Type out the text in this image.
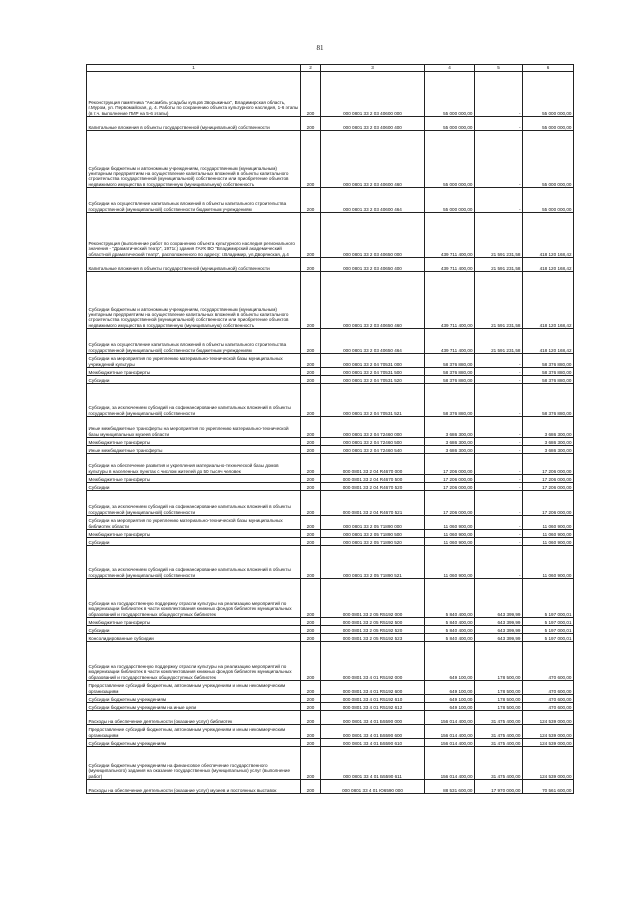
81
1	2	3	4	5	6
Реконструкция памятника "Ансамбль усадьбы купцов Зворыкиных", Владимирская область, г.Муром, ул. Первомайская, д. 4. Работы по сохранению объекта культурного наследия, 1-6 этапы (в т.ч. выполнение ПИР на 5-6 этапы)	200	000 0801 33 2 03 40600 000	55 000 000,00	-	55 000 000,00
Капитальные вложения в объекты государственной (муниципальной) собственности	200	000 0801 33 2 03 40600 400	55 000 000,00	-	55 000 000,00
Субсидии бюджетным и автономным учреждениям, государственным (муниципальным) унитарным предприятиям на осуществление капитальных вложений в объекты капитального строительства государственной (муниципальной) собственности или приобретение объектов недвижимого имущества в государственную (муниципальную) собственность	200	000 0801 33 2 03 40600 460	55 000 000,00	-	55 000 000,00
Субсидии на осуществление капитальных вложений в объекты капитального строительства государственной (муниципальной) собственности бюджетным учреждениям	200	000 0801 33 2 03 40600 464	55 000 000,00	-	55 000 000,00
Реконструкция (выполнение работ по сохранению объекта культурного наследия регионального значения - "Драматический театр", 1971г.) здания ГАУК ВО "Владимирский академический областной драматический театр", расположенного по адресу: г.Владимир, ул.Дворянская, д.4	200	000 0801 33 2 03 40650 000	439 711 400,00	21 591 231,58	418 120 168,42
Капитальные вложения в объекты государственной (муниципальной) собственности	200	000 0801 33 2 03 40650 400	439 711 400,00	21 591 231,58	418 120 168,42
Субсидии бюджетным и автономным учреждениям, государственным (муниципальным) унитарным предприятиям на осуществление капитальных вложений в объекты капитального строительства государственной (муниципальной) собственности или приобретение объектов недвижимого имущества в государственную (муниципальную) собственность	200	000 0801 33 2 03 40650 460	439 711 400,00	21 591 231,58	418 120 168,42
Субсидии на осуществление капитальных вложений в объекты капитального строительства государственной (муниципальной) собственности бюджетным учреждениям	200	000 0801 33 2 03 40650 464	439 711 400,00	21 591 231,58	418 120 168,42
Субсидии на мероприятия по укреплению материально-технической базы муниципальных учреждений культуры	200	000 0801 33 2 04 70531 000	58 376 880,00	-	58 376 880,00
Межбюджетные трансферты	200	000 0801 33 2 04 70531 500	58 376 880,00	-	58 376 880,00
Субсидии	200	000 0801 33 2 04 70531 520	58 376 880,00	-	58 376 880,00
Субсидии, за исключением субсидий на софинансирование капитальных вложений в объекты государственной (муниципальной) собственности	200	000 0801 33 2 04 70531 521	58 376 880,00	-	58 376 880,00
Иные межбюджетные трансферты на мероприятия по укреплению материально-технической базы муниципальных музеев области	200	000 0801 33 2 04 72460 000	3 686 300,00	-	3 686 300,00
Межбюджетные трансферты	200	000 0801 33 2 04 72460 500	3 686 300,00	-	3 686 300,00
Иные межбюджетные трансферты	200	000 0801 33 2 04 72460 540	3 686 300,00	-	3 686 300,00
Субсидии на обеспечение развития и укрепления материально-технической базы домов культуры в населенных пунктах с числом жителей до 50 тысяч человек	200	000 0801 33 2 04 R4670 000	17 206 000,00	-	17 206 000,00
Межбюджетные трансферты	200	000 0801 33 2 04 R4670 500	17 206 000,00	-	17 206 000,00
Субсидии	200	000 0801 33 2 04 R4670 520	17 206 000,00	-	17 206 000,00
Субсидии, за исключением субсидий на софинансирование капитальных вложений в объекты государственной (муниципальной) собственности	200	000 0801 33 2 04 R4670 521	17 206 000,00	-	17 206 000,00
Субсидии на мероприятия по укреплению материально-технической базы муниципальных библиотек области	200	000 0801 33 2 05 71890 000	11 060 900,00	-	11 060 900,00
Межбюджетные трансферты	200	000 0801 33 2 05 71890 500	11 060 900,00	-	11 060 900,00
Субсидии	200	000 0801 33 2 05 71890 520	11 060 900,00	-	11 060 900,00
Субсидии, за исключением субсидий на софинансирование капитальных вложений в объекты государственной (муниципальной) собственности	200	000 0801 33 2 05 71890 521	11 060 900,00	-	11 060 900,00
Субсидии на государственную поддержку отрасли культуры на реализацию мероприятий по модернизации библиотек в части комплектования книжных фондов библиотек муниципальных образований и государственных общедоступных библиотек	200	000 0801 33 2 05 R5192 000	5 840 400,00	643 399,99	5 197 000,01
Межбюджетные трансферты	200	000 0801 33 2 05 R5192 500	5 840 400,00	643 399,99	5 197 000,01
Субсидии	200	000 0801 33 2 05 R5192 520	5 840 400,00	643 399,99	5 197 000,01
Консолидированные субсидии	200	000 0801 33 2 05 R5192 523	5 840 400,00	643 399,99	5 197 000,01
Субсидии на государственную поддержку отрасли культуры на реализацию мероприятий по модернизации библиотек в части комплектования книжных фондов библиотек муниципальных образований и государственных общедоступных библиотек	200	000 0801 33 4 01 R5192 000	649 100,00	178 500,00	470 600,00
Предоставление субсидий бюджетным, автономным учреждениям и иным некоммерческим организациям	200	000 0801 33 4 01 R5192 600	649 100,00	178 500,00	470 600,00
Субсидии бюджетным учреждениям	200	000 0801 33 4 01 R5192 610	649 100,00	178 500,00	470 600,00
Субсидии бюджетным учреждениям на иные цели	200	000 0801 33 4 01 R5192 612	649 100,00	178 500,00	470 600,00
Расходы на обеспечение деятельности (оказание услуг) библиотек	200	000 0801 33 4 01 Б5590 000	156 014 400,00	31 475 400,00	124 539 000,00
Предоставление субсидий бюджетным, автономным учреждениям и иным некоммерческим организациям	200	000 0801 33 4 01 Б5590 600	156 014 400,00	31 475 400,00	124 539 000,00
Субсидии бюджетным учреждениям	200	000 0801 33 4 01 Б5590 610	156 014 400,00	31 475 400,00	124 539 000,00
Субсидии бюджетным учреждениям на финансовое обеспечение государственного (муниципального) задания на оказание государственных (муниципальных) услуг (выполнение работ)	200	000 0801 33 4 01 Б5590 611	156 014 400,00	31 475 400,00	124 539 000,00
Расходы на обеспечение деятельности (оказание услуг) музеев и постоянных выставок	200	000 0801 33 4 01 Ю6590 000	88 531 600,00	17 970 000,00	70 561 600,00
